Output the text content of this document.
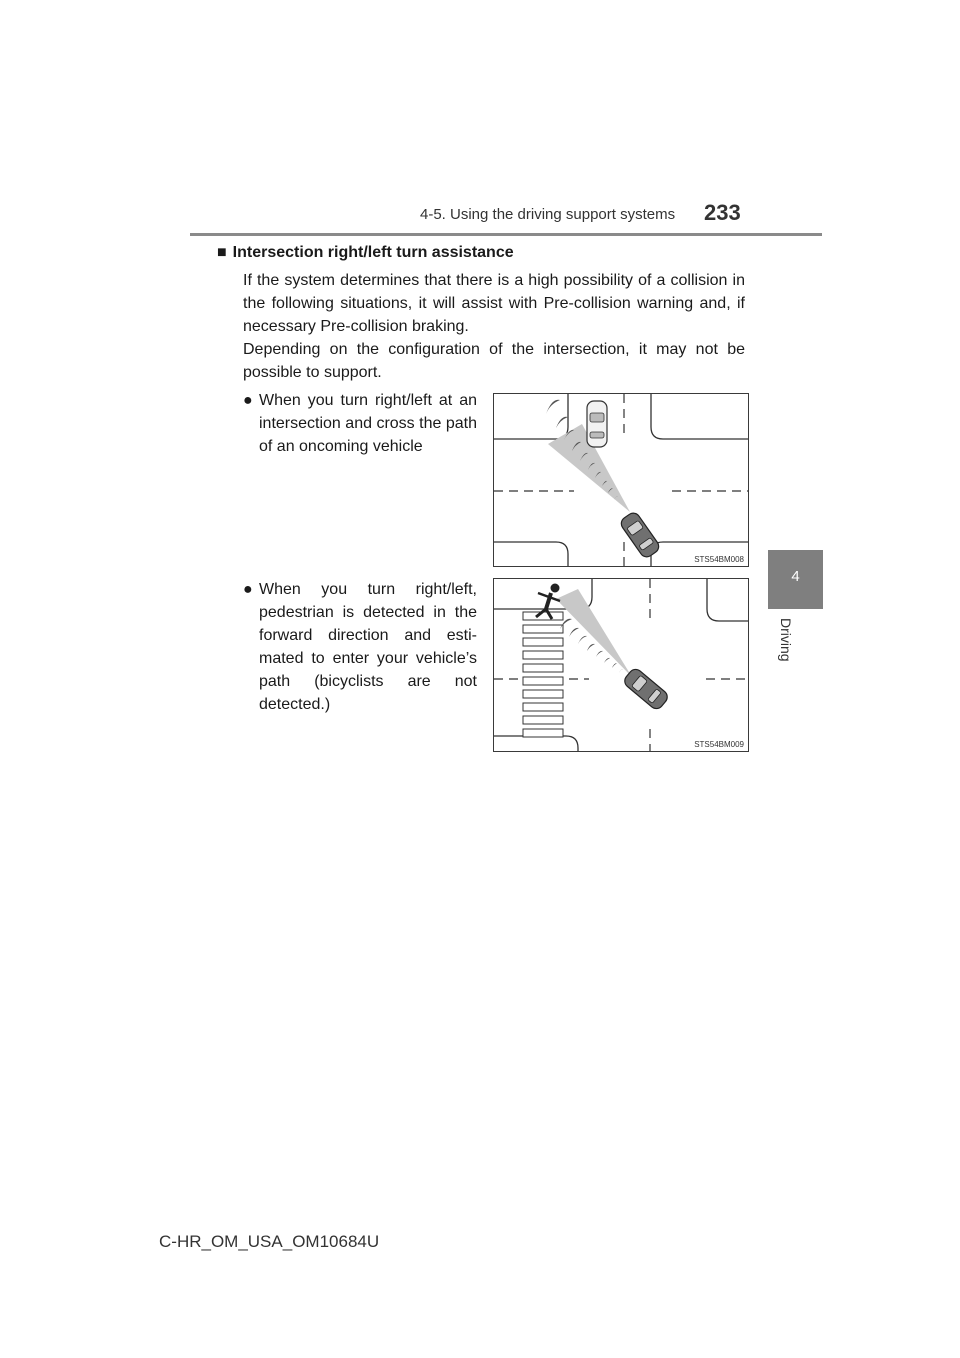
4-5. Using the driving support systems 233
4
Driving
■ Intersection right/left turn assistance
If the system determines that there is a high possibility of a collision in the following situations, it will assist with Pre-collision warning and, if necessary Pre-collision braking.
Depending on the configuration of the intersection, it may not be possible to support.
● When you turn right/left at an intersection and cross the path of an oncoming vehicle
STS54BM008
● When you turn right/left, pedestrian is detected in the forward direction and esti-mated to enter your vehicle’s path (bicyclists are not detected.)
STS54BM009
C-HR_OM_USA_OM10684U
